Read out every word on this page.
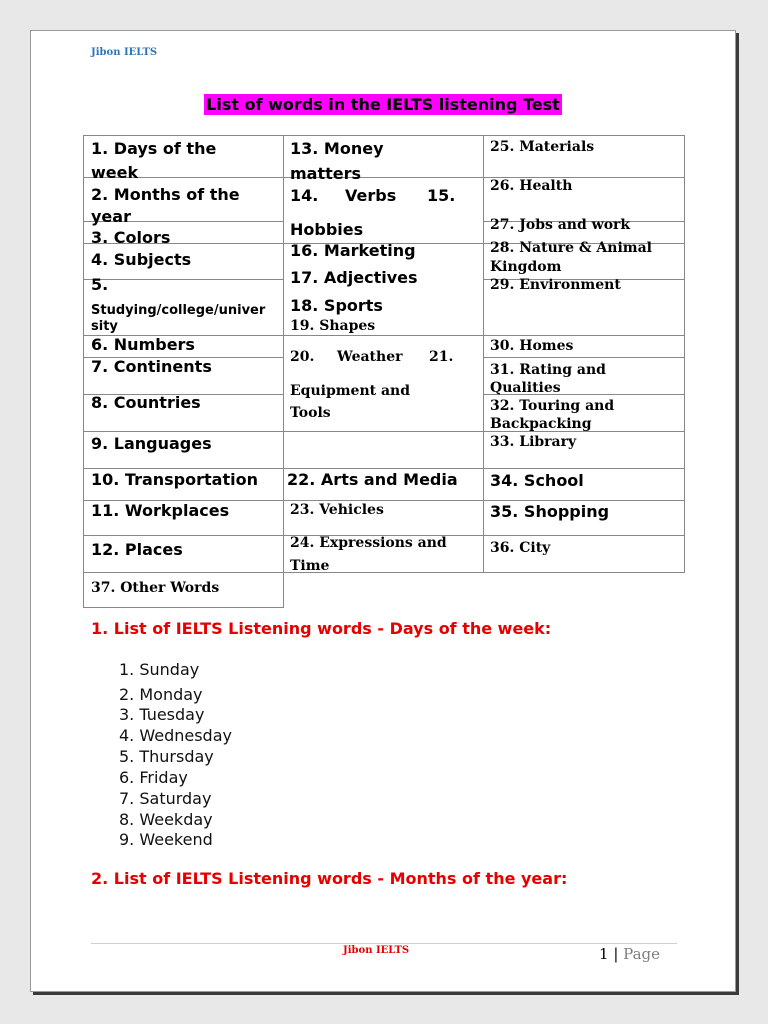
Jibon IELTS
List of words in the IELTS listening Test
1. Days of the
week
2. Months of the
year
3. Colors
4. Subjects
5.
Studying/college/univer
sity
6. Numbers
7. Continents
8. Countries
9. Languages
10. Transportation
11. Workplaces
12. Places
37. Other Words
13. Money
matters
14. Verbs 15.
Hobbies
16. Marketing
17. Adjectives
18. Sports
19. Shapes
20. Weather 21.
Equipment and
Tools
22. Arts and Media
23. Vehicles
24. Expressions and
Time
25. Materials
26. Health
27. Jobs and work
28. Nature & Animal
Kingdom
29. Environment
30. Homes
31. Rating and
Qualities
32. Touring and
Backpacking
33. Library
34. School
35. Shopping
36. City
1. List of IELTS Listening words - Days of the week:
1. Sunday
2. Monday
3. Tuesday
4. Wednesday
5. Thursday
6. Friday
7. Saturday
8. Weekday
9. Weekend
2. List of IELTS Listening words - Months of the year:
Jibon IELTS	1 | Page
